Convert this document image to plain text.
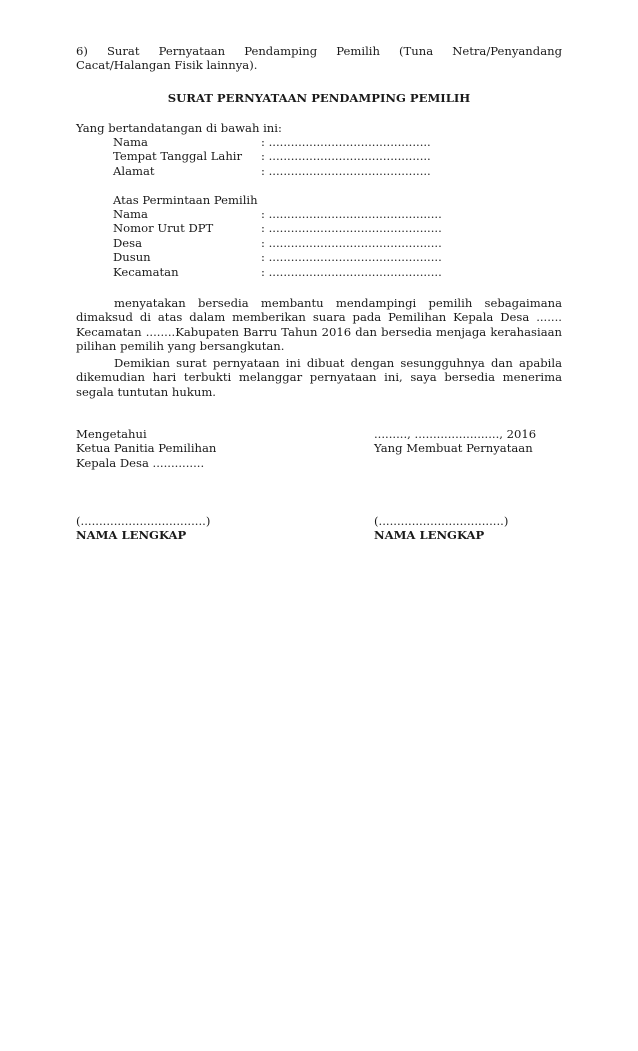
6) Surat Pernyataan Pendamping Pemilih (Tuna Netra/Penyandang Cacat/Halangan Fisik lainnya).
SURAT PERNYATAAN PENDAMPING PEMILIH
Yang bertandatangan di bawah ini:
Nama	: ............................................
Tempat Tanggal Lahir	: ............................................
Alamat	: ............................................
Atas Permintaan Pemilih
Nama	: ...............................................
Nomor Urut DPT	: ...............................................
Desa	: ...............................................
Dusun	: ...............................................
Kecamatan	: ...............................................
menyatakan bersedia membantu mendampingi pemilih sebagaimana dimaksud di atas dalam memberikan suara pada Pemilihan Kepala Desa ....... Kecamatan ........Kabupaten Barru Tahun 2016 dan bersedia menjaga kerahasiaan pilihan pemilih yang bersangkutan.
Demikian surat pernyataan ini dibuat dengan sesungguhnya dan apabila dikemudian hari terbukti melanggar pernyataan ini, saya bersedia menerima segala tuntutan hukum.
Mengetahui
Ketua Panitia Pemilihan
Kepala Desa ..............
........., ......................., 2016
Yang Membuat Pernyataan
(..................................)
NAMA LENGKAP
(..................................)
NAMA LENGKAP
